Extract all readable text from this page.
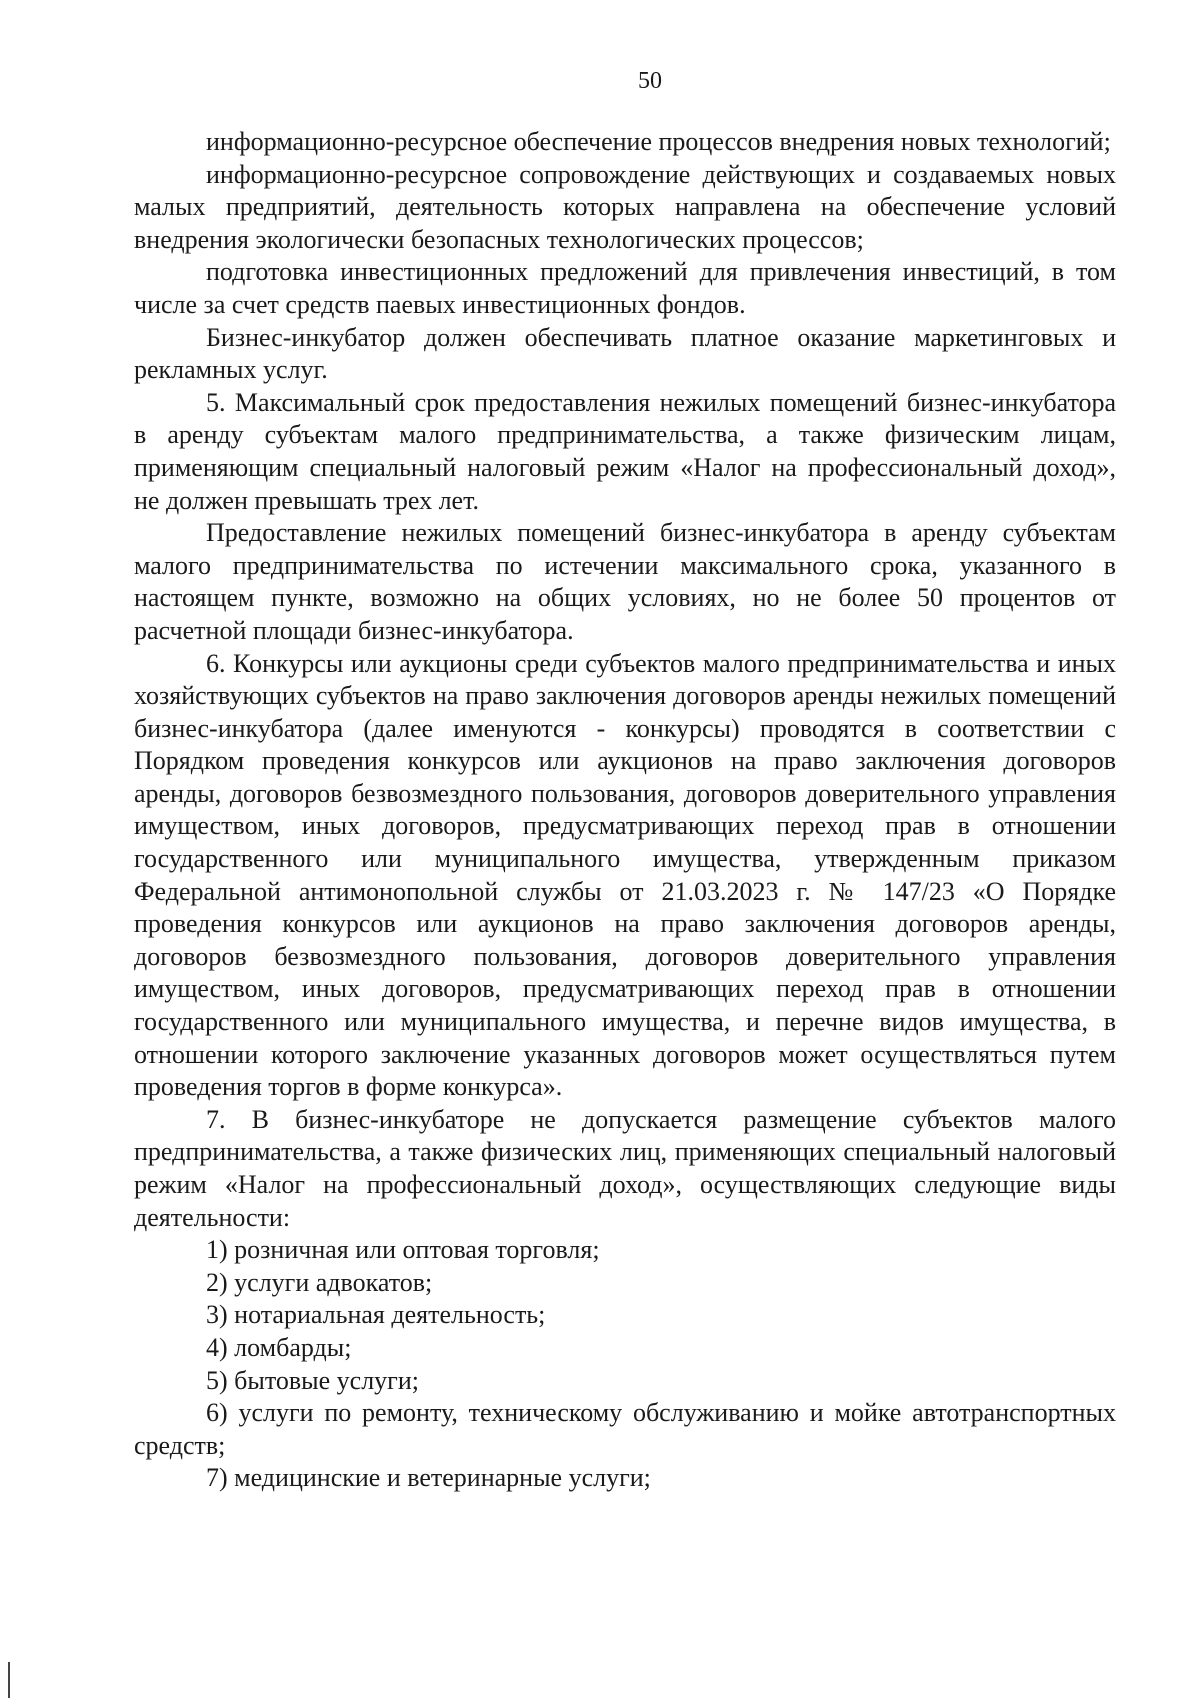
50

информационно-ресурсное обеспечение процессов внедрения новых технологий;

информационно-ресурсное сопровождение действующих и создаваемых новых малых предприятий, деятельность которых направлена на обеспечение условий внедрения экологически безопасных технологических процессов;

подготовка инвестиционных предложений для привлечения инвестиций, в том числе за счет средств паевых инвестиционных фондов.

Бизнес-инкубатор должен обеспечивать платное оказание маркетинговых и рекламных услуг.

5. Максимальный срок предоставления нежилых помещений бизнес-инкубатора в аренду субъектам малого предпринимательства, а также физическим лицам, применяющим специальный налоговый режим «Налог на профессиональный доход», не должен превышать трех лет.

Предоставление нежилых помещений бизнес-инкубатора в аренду субъектам малого предпринимательства по истечении максимального срока, указанного в настоящем пункте, возможно на общих условиях, но не более 50 процентов от расчетной площади бизнес-инкубатора.

6. Конкурсы или аукционы среди субъектов малого предпринимательства и иных хозяйствующих субъектов на право заключения договоров аренды нежилых помещений бизнес-инкубатора (далее именуются - конкурсы) проводятся в соответствии с Порядком проведения конкурсов или аукционов на право заключения договоров аренды, договоров безвозмездного пользования, договоров доверительного управления имуществом, иных договоров, предусматривающих переход прав в отношении государственного или муниципального имущества, утвержденным приказом Федеральной антимонопольной службы от 21.03.2023 г. № 147/23 «О Порядке проведения конкурсов или аукционов на право заключения договоров аренды, договоров безвозмездного пользования, договоров доверительного управления имуществом, иных договоров, предусматривающих переход прав в отношении государственного или муниципального имущества, и перечне видов имущества, в отношении которого заключение указанных договоров может осуществляться путем проведения торгов в форме конкурса».

7. В бизнес-инкубаторе не допускается размещение субъектов малого предпринимательства, а также физических лиц, применяющих специальный налоговый режим «Налог на профессиональный доход», осуществляющих следующие виды деятельности:

1) розничная или оптовая торговля;

2) услуги адвокатов;

3) нотариальная деятельность;

4) ломбарды;

5) бытовые услуги;

6) услуги по ремонту, техническому обслуживанию и мойке автотранспортных средств;

7) медицинские и ветеринарные услуги;
